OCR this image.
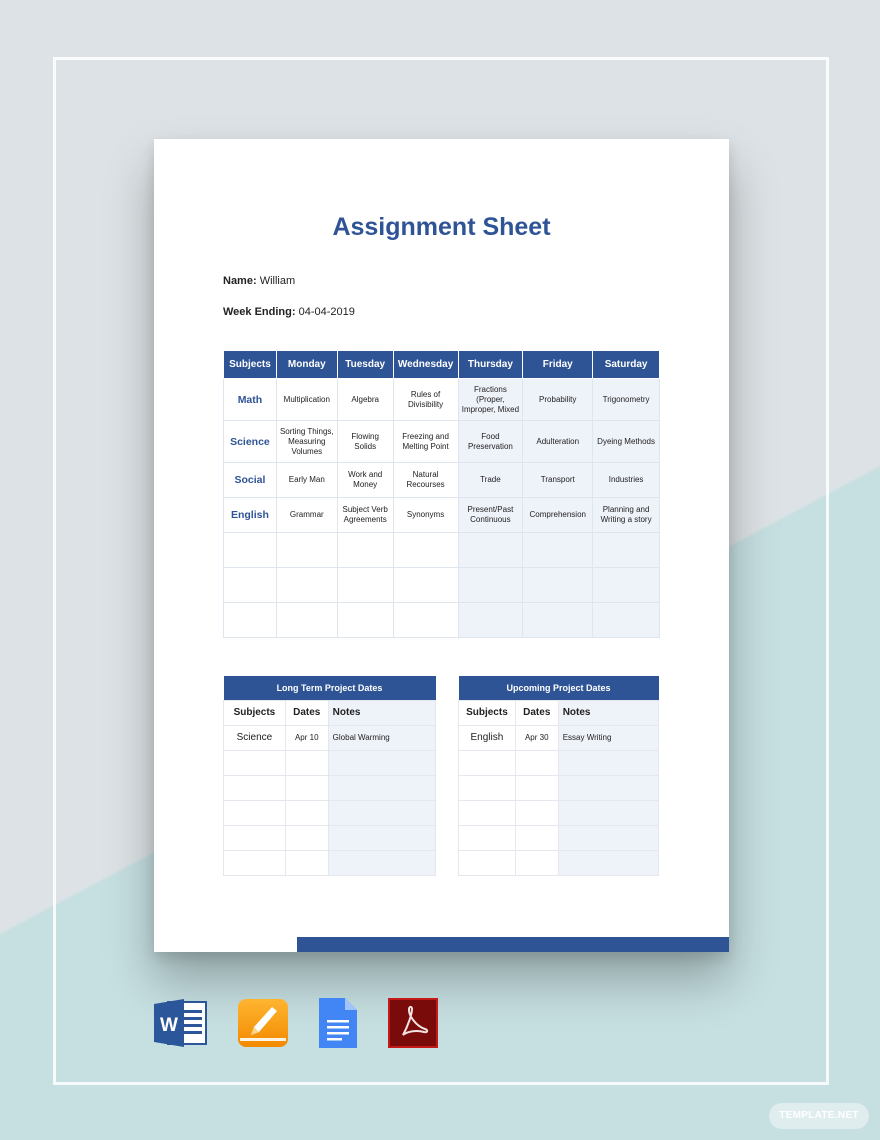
Assignment Sheet
Name: William
Week Ending: 04-04-2019
Subjects	Monday	Tuesday	Wednesday	Thursday	Friday	Saturday
Math	Multiplication	Algebra	Rules of Divisibility	Fractions (Proper, Improper, Mixed	Probability	Trigonometry
Science	Sorting Things, Measuring Volumes	Flowing Solids	Freezing and Melting Point	Food Preservation	Adulteration	Dyeing Methods
Social	Early Man	Work and Money	Natural Recourses	Trade	Transport	Industries
English	Grammar	Subject Verb Agreements	Synonyms	Present/Past Continuous	Comprehension	Planning and Writing a story

Long Term Project Dates		
Subjects	Dates	Notes
Science	Apr 10	Global Warming

Upcoming Project Dates		
Subjects	Dates	Notes
English	Apr 30	Essay Writing

W
TEMPLATE.NET
